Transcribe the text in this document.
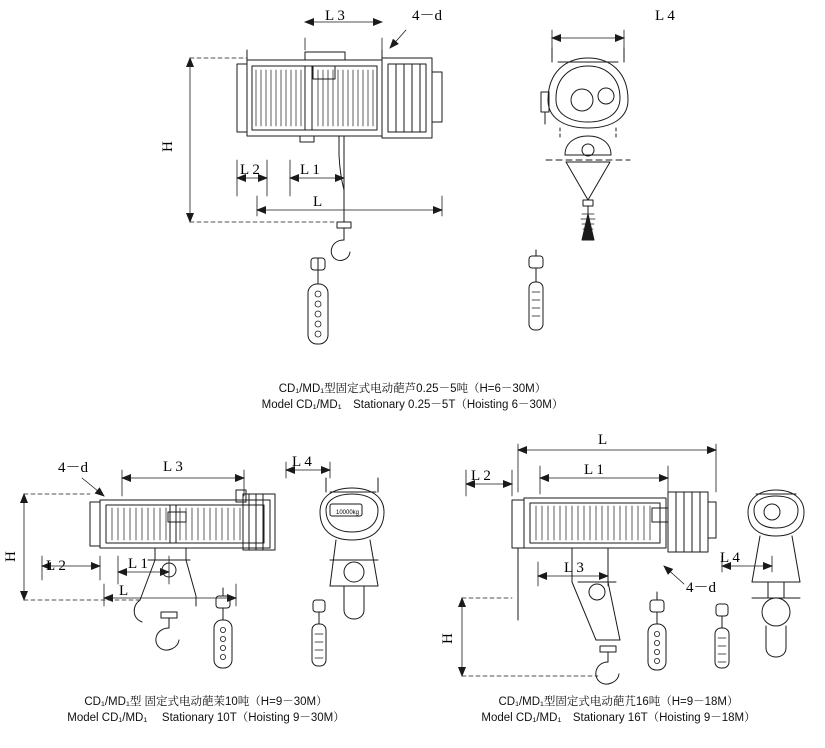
L 3	4－d	L 4
H
L 2	L 1
L
4－d	L 3	L 4
H
L 2	L 1
L
10000kg
L
L 1
L 2
L 3
4－d
L 4
H
CD₁/MD₁型固定式电动葩芦0.25－5吨（H=6－30M）
Model CD₁/MD₁　Stationary 0.25－5T（Hoisting 6－30M）
CD₁/MD₁型 固定式电动葩茉10吨（H=9－30M）
Model CD₁/MD₁　 Stationary 10T（Hoisting 9－30M）
CD₁/MD₁型固定式电动葩芁16吨（H=9－18M）
Model CD₁/MD₁　Stationary 16T（Hoisting 9－18M）
